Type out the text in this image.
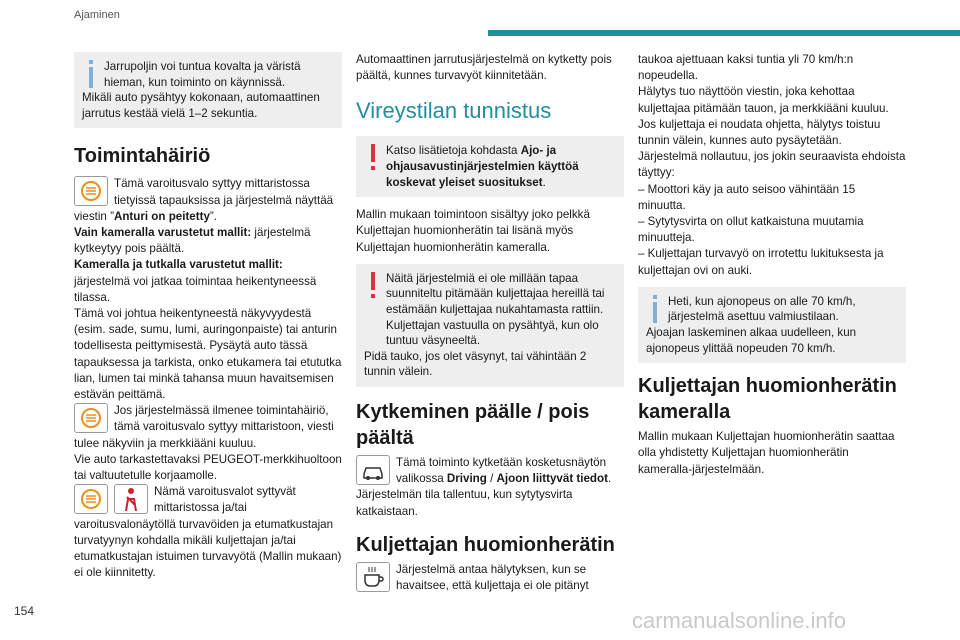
Ajaminen

Jarrupoljin voi tuntua kovalta ja väristä hieman, kun toiminto on käynnissä.

Mikäli auto pysähtyy kokonaan, automaattinen jarrutus kestää vielä 1–2 sekuntia.

Toimintahäiriö

Tämä varoitusvalo syttyy mittaristossa tietyissä tapauksissa ja järjestelmä näyttää viestin ”Anturi on peitetty”.

Vain kameralla varustetut mallit: järjestelmä kytkeytyy pois päältä.

Kameralla ja tutkalla varustetut mallit: järjestelmä voi jatkaa toimintaa heikentyneessä tilassa.

Tämä voi johtua heikentyneestä näkyvyydestä (esim. sade, sumu, lumi, auringonpaiste) tai anturin todellisesta peittymisestä. Pysäytä auto tässä tapauksessa ja tarkista, onko etukamera tai etututka lian, lumen tai minkä tahansa muun havaitsemisen estävän peittämä.

Jos järjestelmässä ilmenee toimintahäiriö, tämä varoitusvalo syttyy mittaristoon, viesti tulee näkyviin ja merkkiääni kuuluu.

Vie auto tarkastettavaksi PEUGEOT-merkkihuoltoon tai valtuutetulle korjaamolle.

Nämä varoitusvalot syttyvät mittaristossa ja/tai varoitusvalonäytöllä turvavöiden ja etumatkustajan turvatyynyn kohdalla mikäli kuljettajan ja/tai etumatkustajan istuimen turvavyötä (Mallin mukaan) ei ole kiinnitetty.

Automaattinen jarrutusjärjestelmä on kytketty pois päältä, kunnes turvavyöt kiinnitetään.

Vireystilan tunnistus

Katso lisätietoja kohdasta Ajo- ja ohjausavustinjärjestelmien käyttöä koskevat yleiset suositukset.

Mallin mukaan toimintoon sisältyy joko pelkkä Kuljettajan huomionherätin tai lisänä myös Kuljettajan huomionherätin kameralla.

Näitä järjestelmiä ei ole millään tapaa suunniteltu pitämään kuljettajaa hereillä tai estämään kuljettajaa nukahtamasta rattiin. Kuljettajan vastuulla on pysähtyä, kun olo tuntuu väsyneeltä.

Pidä tauko, jos olet väsynyt, tai vähintään 2 tunnin välein.

Kytkeminen päälle / pois päältä

Tämä toiminto kytketään kosketusnäytön valikossa Driving / Ajoon liittyvät tiedot.

Järjestelmän tila tallentuu, kun sytytysvirta katkaistaan.

Kuljettajan huomionherätin

Järjestelmä antaa hälytyksen, kun se havaitsee, että kuljettaja ei ole pitänyt

taukoa ajettuaan kaksi tuntia yli 70 km/h:n nopeudella.

Hälytys tuo näyttöön viestin, joka kehottaa kuljettajaa pitämään tauon, ja merkkiääni kuuluu. Jos kuljettaja ei noudata ohjetta, hälytys toistuu tunnin välein, kunnes auto pysäytetään.

Järjestelmä nollautuu, jos jokin seuraavista ehdoista täyttyy:

– Moottori käy ja auto seisoo vähintään 15 minuutta.

– Sytytysvirta on ollut katkaistuna muutamia minuutteja.

– Kuljettajan turvavyö on irrotettu lukituksesta ja kuljettajan ovi on auki.

Heti, kun ajonopeus on alle 70 km/h, järjestelmä asettuu valmiustilaan.

Ajoajan laskeminen alkaa uudelleen, kun ajonopeus ylittää nopeuden 70 km/h.

Kuljettajan huomionherätin kameralla

Mallin mukaan Kuljettajan huomionherätin saattaa olla yhdistetty Kuljettajan huomionherätin kameralla-järjestelmään.

154	carmanualsonline.info
